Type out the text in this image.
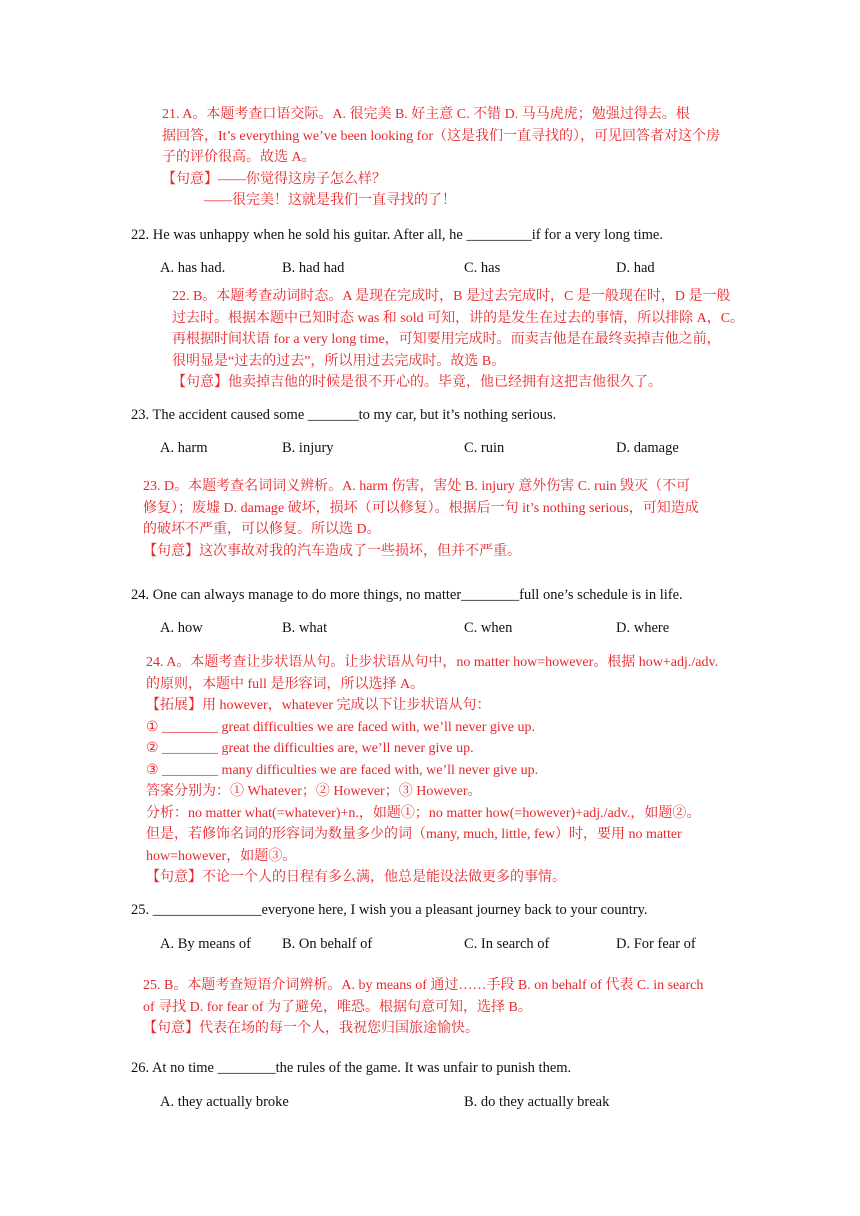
21. A。本题考查口语交际。A. 很完美 B. 好主意 C. 不错 D. 马马虎虎；勉强过得去。根
据回答，It’s everything we’ve been looking for（这是我们一直寻找的），可见回答者对这个房
子的评价很高。故选 A。
【句意】——你觉得这房子怎么样？
　　　——很完美！这就是我们一直寻找的了！
22. He was unhappy when he sold his guitar. After all, he _________if for a very long time.
A. has had.	B. had had	C. has	D. had
22. B。本题考查动词时态。A 是现在完成时，B 是过去完成时，C 是一般现在时，D 是一般
过去时。根据本题中已知时态 was 和 sold 可知，讲的是发生在过去的事情，所以排除 A，C。
再根据时间状语 for a very long time，可知要用完成时。而卖吉他是在最终卖掉吉他之前，
很明显是“过去的过去”，所以用过去完成时。故选 B。
【句意】他卖掉吉他的时候是很不开心的。毕竟，他已经拥有这把吉他很久了。
23. The accident caused some _______to my car, but it’s nothing serious.
A. harm	B. injury	C. ruin	D. damage
23. D。本题考查名词词义辨析。A. harm 伤害，害处 B. injury 意外伤害 C. ruin 毁灭（不可
修复）；废墟 D. damage 破坏，损坏（可以修复）。根据后一句 it’s nothing serious，可知造成
的破坏不严重，可以修复。所以选 D。
【句意】这次事故对我的汽车造成了一些损坏，但并不严重。
24. One can always manage to do more things, no matter________full one’s schedule is in life.
A. how	B. what	C. when	D. where
24. A。本题考查让步状语从句。让步状语从句中，no matter how=however。根据 how+adj./adv.
的原则，本题中 full 是形容词，所以选择 A。
【拓展】用 however，whatever 完成以下让步状语从句：
① ________ great difficulties we are faced with, we’ll never give up.
② ________ great the difficulties are, we’ll never give up.
③ ________ many difficulties we are faced with, we’ll never give up.
答案分别为：① Whatever；② However；③ However。
分析：no matter what(=whatever)+n.，如题①；no matter how(=however)+adj./adv.，如题②。
但是，若修饰名词的形容词为数量多少的词（many, much, little, few）时，要用 no matter
how=however，如题③。
【句意】不论一个人的日程有多么满，他总是能设法做更多的事情。
25. _______________everyone here, I wish you a pleasant journey back to your country.
A. By means of B. On behalf of	C. In search of	D. For fear of
25. B。本题考查短语介词辨析。A. by means of 通过……手段 B. on behalf of 代表 C. in search
of 寻找 D. for fear of 为了避免，唯恐。根据句意可知，选择 B。
【句意】代表在场的每一个人，我祝您归国旅途愉快。
26. At no time ________the rules of the game. It was unfair to punish them.
A. they actually broke	B. do they actually break
